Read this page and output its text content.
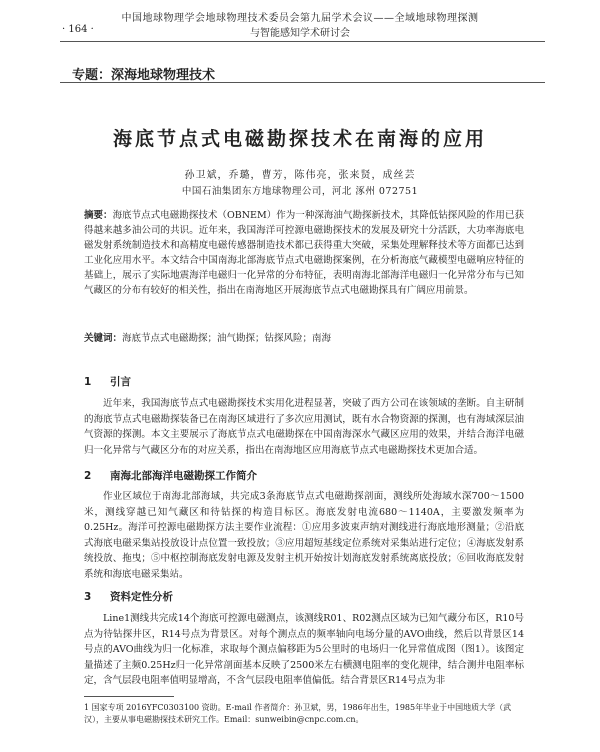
中国地球物理学会地球物理技术委员会第九届学术会议——全域地球物理探测
· 164 ·	与智能感知学术研讨会
专题：深海地球物理技术
海底节点式电磁勘探技术在南海的应用
孙卫斌，乔璐，曹芳，陈伟亮，张来贤，成丝芸
中国石油集团东方地球物理公司，河北 涿州 072751
摘要：海底节点式电磁勘探技术（OBNEM）作为一种深海油气勘探新技术，其降低钻探风险的作用已获得越来越多油公司的共识。近年来，我国海洋可控源电磁勘探技术的发展及研究十分活跃，大功率海底电磁发射系统制造技术和高精度电磁传感器制造技术都已获得重大突破，采集处理解释技术等方面都已达到工业化应用水平。本文结合中国南海北部海底节点式电磁勘探案例，在分析海底气藏模型电磁响应特征的基础上，展示了实际地震海洋电磁归一化异常的分布特征，表明南海北部海洋电磁归一化异常分布与已知气藏区的分布有较好的相关性，指出在南海地区开展海底节点式电磁勘探具有广阔应用前景。
关键词：海底节点式电磁勘探；油气勘探；钻探风险；南海
1 引言
近年来，我国海底节点式电磁勘探技术实用化进程显著，突破了西方公司在该领域的垄断。自主研制的海底节点式电磁勘探装备已在南海区域进行了多次应用测试，既有水合物资源的探测，也有海域深层油气资源的探测。本文主要展示了海底节点式电磁勘探在中国南海深水气藏区应用的效果，并结合海洋电磁归一化异常与气藏区分布的对应关系，指出在南海地区应用海底节点式电磁勘探技术更加合适。
2 南海北部海洋电磁勘探工作简介
作业区域位于南海北部海域，共完成3条海底节点式电磁勘探剖面，测线所处海域水深700～1500米，测线穿越已知气藏区和待钻探的构造目标区。海底发射电流680～1140A，主要激发频率为0.25Hz。海洋可控源电磁勘探方法主要作业流程：①应用多波束声纳对测线进行海底地形测量；②沿底式海底电磁采集站投放设计点位置一致投放；③应用超短基线定位系统对采集站进行定位；④海底发射系统投放、拖曳；⑤中枢控制海底发射电源及发射主机开始按计划海底发射系统离底投放；⑥回收海底发射系统和海底电磁采集站。
3 资料定性分析
Line1测线共完成14个海底可控源电磁测点，该测线R01、R02测点区域为已知气藏分布区，R10号点为待钻探井区，R14号点为背景区。对每个测点点的频率轴向电场分量的AVO曲线，然后以背景区14号点的AVO曲线为归一化标准，求取每个测点偏移距为5公里时的电场归一化异常值成图（图1）。该图定量描述了主频0.25Hz归一化异常剖面基本反映了2500米左右横测电阻率的变化规律，结合测井电阻率标定，含气层段电阻率值明显增高，不含气层段电阻率值偏低。结合背景区R14号点为非
1 国家专项 2016YFC0303100 资助。E-mail 作者简介：孙卫斌，男，1986年出生，1985年毕业于中国地质大学（武汉），主要从事电磁勘探技术研究工作。Email：sunweibin@cnpc.com.cn。
